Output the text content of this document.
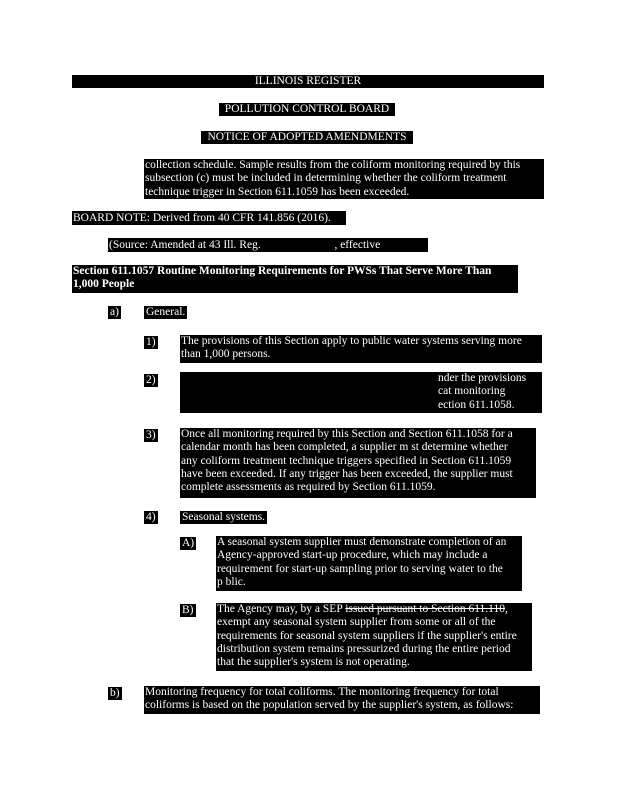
ILLINOIS REGISTER
POLLUTION CONTROL BOARD
NOTICE OF ADOPTED AMENDMENTS
collection schedule. Sample results from the coliform monitoring required by this
subsection (c) must be included in determining whether the coliform treatment
technique trigger in Section 611.1059 has been exceeded.
BOARD NOTE: Derived from 40 CFR 141.856 (2016).
(Source: Amended at 43 Ill. Reg.	, effective  )
Section 611.1057 Routine Monitoring Requirements for PWSs That Serve More Than
1,000 People
a) General.
1) The provisions of this Section apply to public water systems serving more
than 1,000 persons.
2)	nder the provisions
cat monitoring
ection 611.1058.
3) Once all monitoring required by this Section and Section 611.1058 for a
calendar month has been completed, a supplier m st determine whether
any coliform treatment technique triggers specified in Section 611.1059
have been exceeded. If any trigger has been exceeded, the supplier must
complete assessments as required by Section 611.1059.
4) Seasonal systems.
A) A seasonal system supplier must demonstrate completion of an
Agency-approved start-up procedure, which may include a
requirement for start-up sampling prior to serving water to the
p blic.
B) The Agency may, by a SEP issued pursuant to Section 611.110,
exempt any seasonal system supplier from some or all of the
requirements for seasonal system suppliers if the supplier's entire
distribution system remains pressurized during the entire period
that the supplier's system is not operating.
b) Monitoring frequency for total coliforms. The monitoring frequency for total
coliforms is based on the population served by the supplier's system, as follows:
